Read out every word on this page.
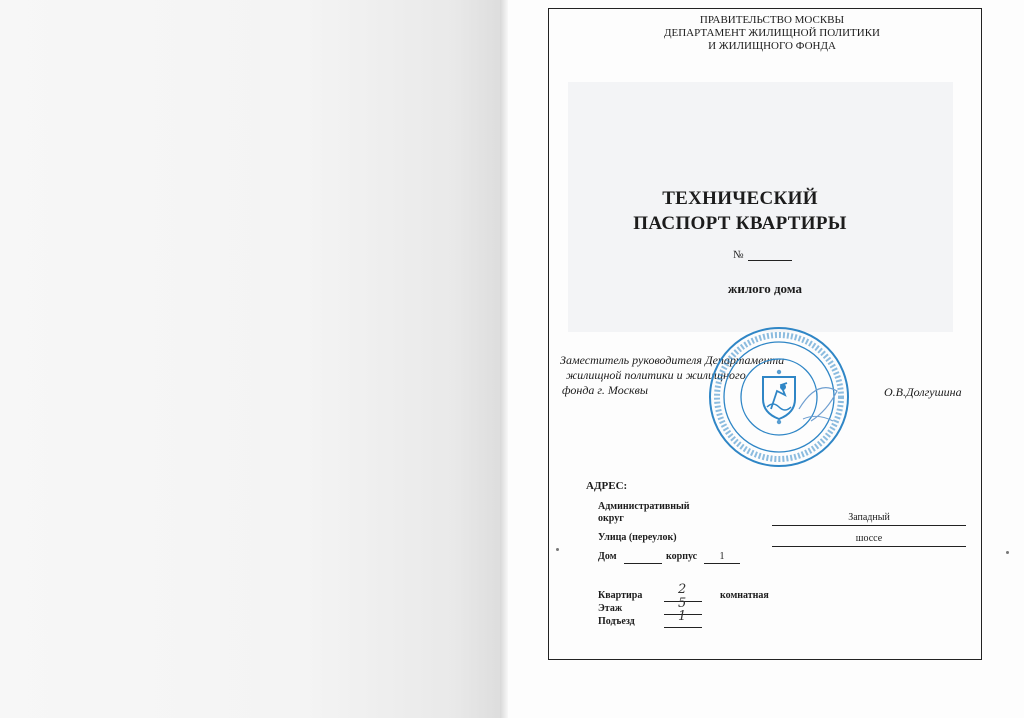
ПРАВИТЕЛЬСТВО МОСКВЫ
ДЕПАРТАМЕНТ ЖИЛИЩНОЙ ПОЛИТИКИ
И ЖИЛИЩНОГО ФОНДА
ТЕХНИЧЕСКИЙ
ПАСПОРТ КВАРТИРЫ
№
жилого дома
Заместитель руководителя Департамента
жилищной политики и жилищного
фонда г. Москвы	О.В.Долгушина
АДРЕС:
Административный
округ	Западный
Улица (переулок)	шоссе
Дом	корпус	1
Квартира	2	комнатная
Этаж	5
Подъезд	1
